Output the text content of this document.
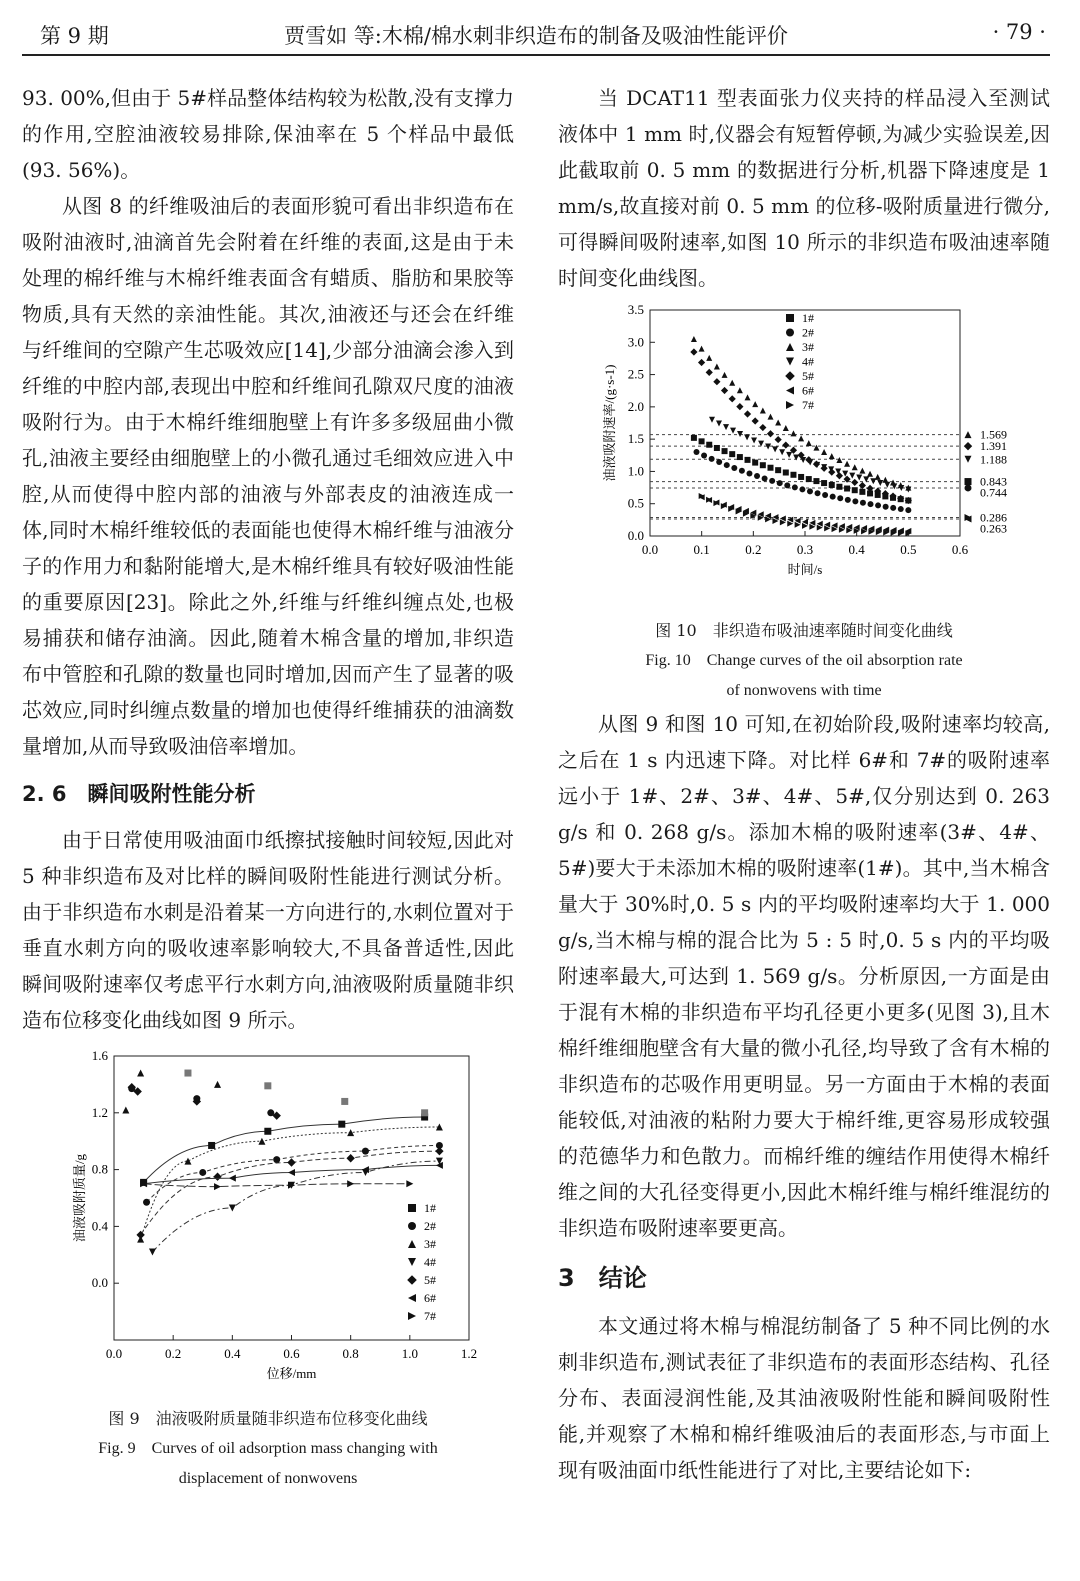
第 9 期	贾雪如 等:木棉/棉水刺非织造布的制备及吸油性能评价	· 79 ·

93. 00%,但由于 5#样品整体结构较为松散,没有支撑力的作用,空腔油液较易排除,保油率在 5 个样品中最低(93. 56%)。

从图 8 的纤维吸油后的表面形貌可看出非织造布在吸附油液时,油滴首先会附着在纤维的表面,这是由于未处理的棉纤维与木棉纤维表面含有蜡质、脂肪和果胶等物质,具有天然的亲油性能。其次,油液还与还会在纤维与纤维间的空隙产生芯吸效应[14],少部分油滴会渗入到纤维的中腔内部,表现出中腔和纤维间孔隙双尺度的油液吸附行为。由于木棉纤维细胞壁上有许多多级屈曲小微孔,油液主要经由细胞壁上的小微孔通过毛细效应进入中腔,从而使得中腔内部的油液与外部表皮的油液连成一体,同时木棉纤维较低的表面能也使得木棉纤维与油液分子的作用力和黏附能增大,是木棉纤维具有较好吸油性能的重要原因[23]。除此之外,纤维与纤维纠缠点处,也极易捕获和储存油滴。因此,随着木棉含量的增加,非织造布中管腔和孔隙的数量也同时增加,因而产生了显著的吸芯效应,同时纠缠点数量的增加也使得纤维捕获的油滴数量增加,从而导致吸油倍率增加。

2. 6　瞬间吸附性能分析

由于日常使用吸油面巾纸擦拭接触时间较短,因此对 5 种非织造布及对比样的瞬间吸附性能进行测试分析。由于非织造布水刺是沿着某一方向进行的,水刺位置对于垂直水刺方向的吸收速率影响较大,不具备普适性,因此瞬间吸附速率仅考虑平行水刺方向,油液吸附质量随非织造布位移变化曲线如图 9 所示。

0.0	0.2	0.4	0.6	0.8	1.0	1.2
0.0
0.4
0.8
1.2
1.6
位移/mm
油液吸附质量/g	1#
2#
3#
4#
5#
6#
7#
图 9　油液吸附质量随非织造布位移变化曲线
Fig. 9　Curves of oil adsorption mass changing with
displacement of nonwovens

当 DCAT11 型表面张力仪夹持的样品浸入至测试液体中 1 mm 时,仪器会有短暂停顿,为减少实验误差,因此截取前 0. 5 mm 的数据进行分析,机器下降速度是 1 mm/s,故直接对前 0. 5 mm 的位移-吸附质量进行微分,可得瞬间吸附速率,如图 10 所示的非织造布吸油速率随时间变化曲线图。

0.0	0.1	0.2	0.3	0.4	0.5	0.6
0.0
0.5
1.0
1.5
2.0
2.5
3.0
3.5
时间/s
油液吸附速率/(g·s-1)	1.569
1.391
1.188
0.843
0.744
0.286
0.263
1#
2#
3#
4#
5#
6#
7#
图 10　非织造布吸油速率随时间变化曲线
Fig. 10　Change curves of the oil absorption rate
of nonwovens with time

从图 9 和图 10 可知,在初始阶段,吸附速率均较高,之后在 1 s 内迅速下降。对比样 6#和 7#的吸附速率远小于 1#、2#、3#、4#、5#,仅分别达到 0. 263 g/s 和 0. 268 g/s。添加木棉的吸附速率(3#、4#、5#)要大于未添加木棉的吸附速率(1#)。其中,当木棉含量大于 30%时,0. 5 s 内的平均吸附速率均大于 1. 000 g/s,当木棉与棉的混合比为 5 : 5 时,0. 5 s 内的平均吸附速率最大,可达到 1. 569 g/s。分析原因,一方面是由于混有木棉的非织造布平均孔径更小更多(见图 3),且木棉纤维细胞壁含有大量的微小孔径,均导致了含有木棉的非织造布的芯吸作用更明显。另一方面由于木棉的表面能较低,对油液的粘附力要大于棉纤维,更容易形成较强的范德华力和色散力。而棉纤维的缠结作用使得木棉纤维之间的大孔径变得更小,因此木棉纤维与棉纤维混纺的非织造布吸附速率要更高。

3　结论

本文通过将木棉与棉混纺制备了 5 种不同比例的水刺非织造布,测试表征了非织造布的表面形态结构、孔径分布、表面浸润性能,及其油液吸附性能和瞬间吸附性能,并观察了木棉和棉纤维吸油后的表面形态,与市面上现有吸油面巾纸性能进行了对比,主要结论如下:
